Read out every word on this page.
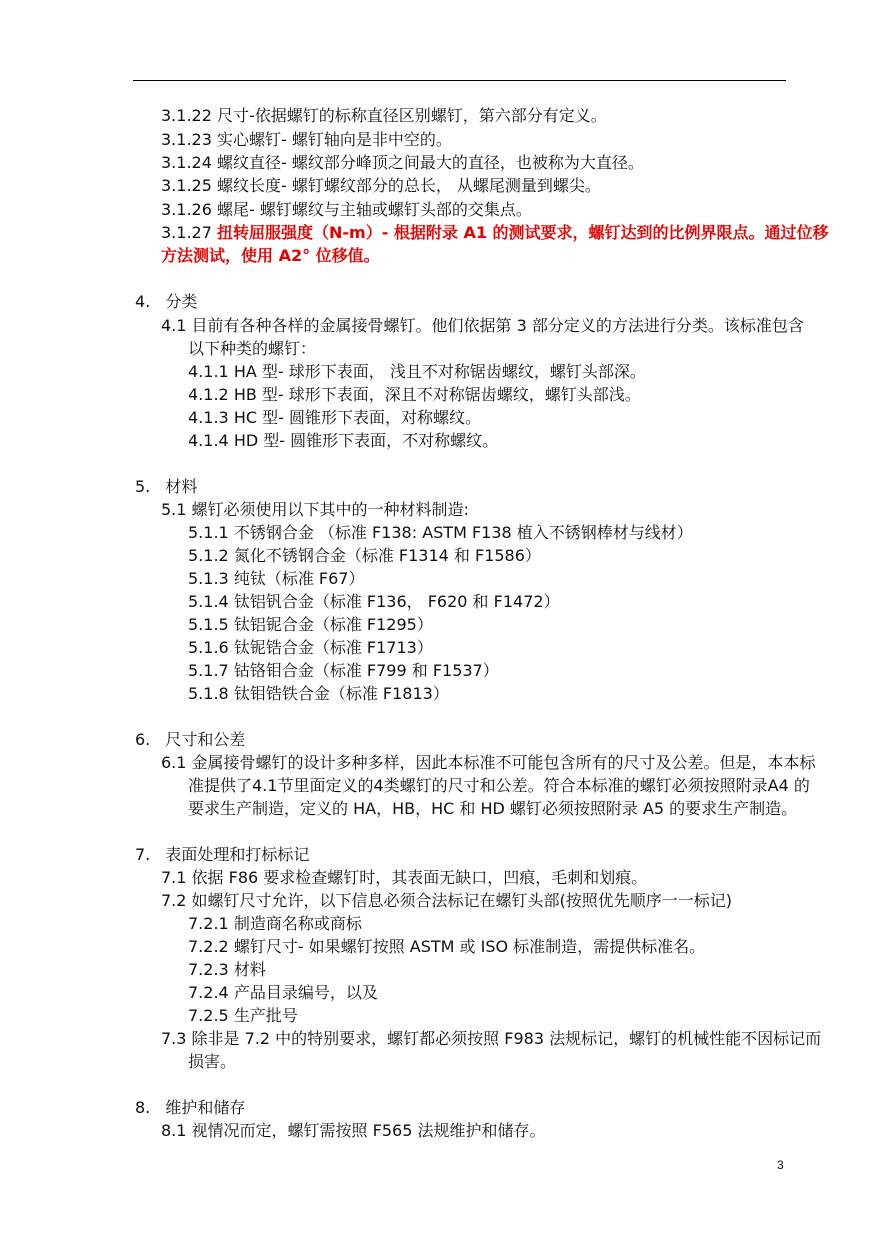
3.1.22 尺寸-依据螺钉的标称直径区别螺钉，第六部分有定义。
3.1.23 实心螺钉- 螺钉轴向是非中空的。
3.1.24 螺纹直径- 螺纹部分峰顶之间最大的直径，也被称为大直径。
3.1.25 螺纹长度- 螺钉螺纹部分的总长， 从螺尾测量到螺尖。
3.1.26 螺尾- 螺钉螺纹与主轴或螺钉头部的交集点。
3.1.27 扭转屈服强度（N-m）- 根据附录 A1 的测试要求，螺钉达到的比例界限点。通过位移
方法测试，使用 A2° 位移值。
4. 分类
4.1 目前有各种各样的金属接骨螺钉。他们依据第 3 部分定义的方法进行分类。该标准包含
以下种类的螺钉：
4.1.1 HA 型- 球形下表面， 浅且不对称锯齿螺纹，螺钉头部深。
4.1.2 HB 型- 球形下表面，深且不对称锯齿螺纹，螺钉头部浅。
4.1.3 HC 型- 圆锥形下表面，对称螺纹。
4.1.4 HD 型- 圆锥形下表面，不对称螺纹。
5. 材料
5.1 螺钉必须使用以下其中的一种材料制造:
5.1.1 不锈钢合金 （标准 F138: ASTM F138 植入不锈钢棒材与线材）
5.1.2 氮化不锈钢合金（标准 F1314 和 F1586）
5.1.3 纯钛（标准 F67）
5.1.4 钛铝钒合金（标准 F136， F620 和 F1472）
5.1.5 钛铝铌合金（标准 F1295）
5.1.6 钛铌锆合金（标准 F1713）
5.1.7 钴铬钼合金（标准 F799 和 F1537）
5.1.8 钛钼锆铁合金（标准 F1813）
6. 尺寸和公差
6.1 金属接骨螺钉的设计多种多样，因此本标准不可能包含所有的尺寸及公差。但是，本本标
准提供了4.1节里面定义的4类螺钉的尺寸和公差。符合本标准的螺钉必须按照附录A4 的
要求生产制造，定义的 HA，HB，HC 和 HD 螺钉必须按照附录 A5 的要求生产制造。
7. 表面处理和打标标记
7.1 依据 F86 要求检查螺钉时，其表面无缺口，凹痕，毛刺和划痕。
7.2 如螺钉尺寸允许，以下信息必须合法标记在螺钉头部(按照优先顺序一一标记)
7.2.1 制造商名称或商标
7.2.2 螺钉尺寸- 如果螺钉按照 ASTM 或 ISO 标准制造，需提供标准名。
7.2.3 材料
7.2.4 产品目录编号，以及
7.2.5 生产批号
7.3 除非是 7.2 中的特别要求，螺钉都必须按照 F983 法规标记，螺钉的机械性能不因标记而
损害。
8. 维护和储存
8.1 视情况而定，螺钉需按照 F565 法规维护和储存。
3
